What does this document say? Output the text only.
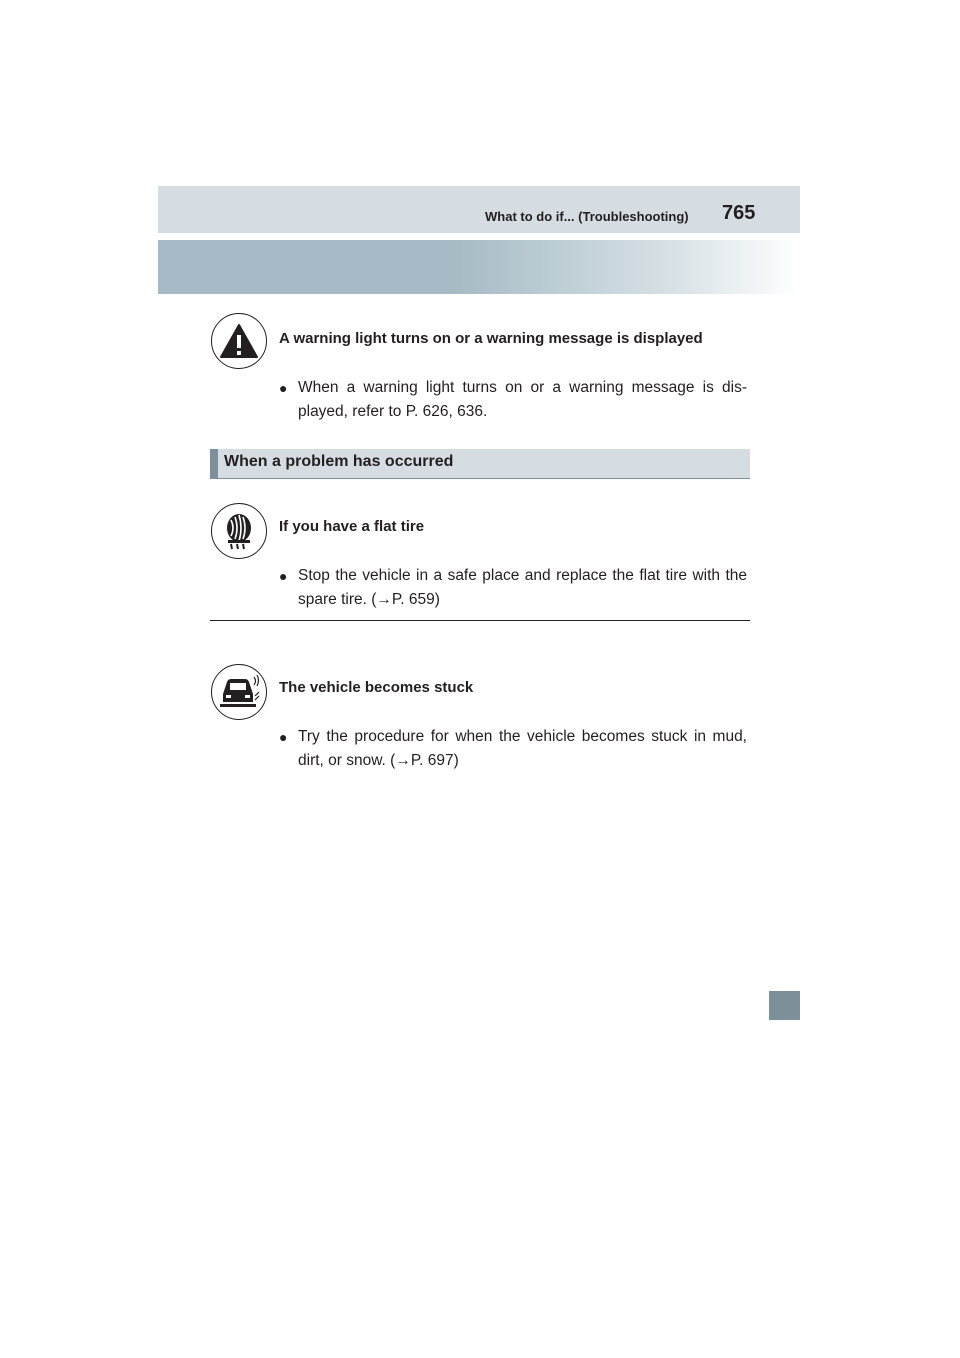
What to do if... (Troubleshooting) 765
A warning light turns on or a warning message is displayed
● When a warning light turns on or a warning message is dis-played, refer to P. 626, 636.
When a problem has occurred
If you have a flat tire
● Stop the vehicle in a safe place and replace the flat tire with the spare tire. (→P. 659)
The vehicle becomes stuck
● Try the procedure for when the vehicle becomes stuck in mud, dirt, or snow. (→P. 697)
